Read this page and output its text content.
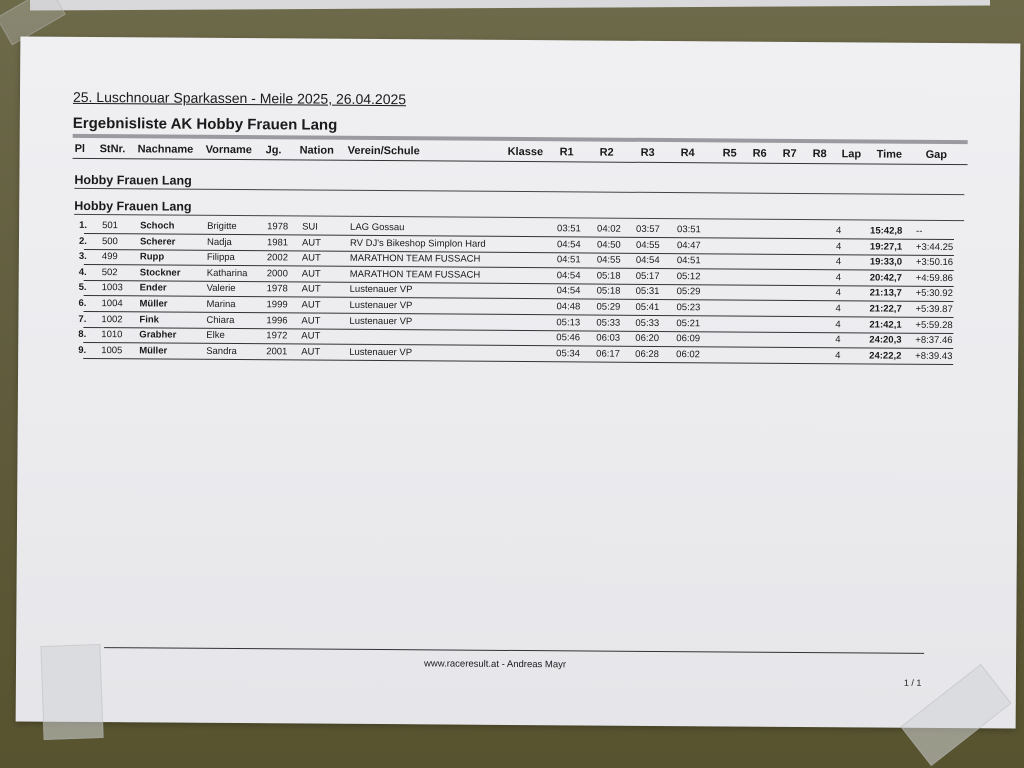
25. Luschnouar Sparkassen - Meile 2025, 26.04.2025
Ergebnisliste AK Hobby Frauen Lang
Pl StNr. Nachname Vorname Jg. Nation Verein/Schule	Klasse R1 R2 R3 R4	R5 R6 R7 R8 Lap Time Gap
Hobby Frauen Lang
Hobby Frauen Lang
1. 501 Schoch	Brigitte	1978 SUI	LAG Gossau	03:51 04:02 03:57 03:51	4	15:42,8 --
2. 500 Scherer	Nadja	1981 AUT	RV DJ's Bikeshop Simplon Hard	04:54 04:50 04:55 04:47	4	19:27,1 +3:44.25
3. 499 Rupp	Filippa	2002 AUT	MARATHON TEAM FUSSACH	04:51 04:55 04:54 04:51	4	19:33,0 +3:50.16
4. 502 Stockner	Katharina 2000 AUT	MARATHON TEAM FUSSACH	04:54 05:18 05:17 05:12	4	20:42,7 +4:59.86
5. 1003 Ender	Valerie	1978 AUT	Lustenauer VP	04:54 05:18 05:31 05:29	4	21:13,7 +5:30.92
6. 1004 Müller	Marina	1999 AUT	Lustenauer VP	04:48 05:29 05:41 05:23	4	21:22,7 +5:39.87
7. 1002 Fink	Chiara	1996 AUT	Lustenauer VP	05:13 05:33 05:33 05:21	4	21:42,1 +5:59.28
8. 1010 Grabher	Elke	1972 AUT	05:46 06:03 06:20 06:09	4	24:20,3 +8:37.46
9. 1005 Müller	Sandra	2001 AUT	Lustenauer VP	05:34 06:17 06:28 06:02	4	24:22,2 +8:39.43
www.raceresult.at - Andreas Mayr
1 / 1
